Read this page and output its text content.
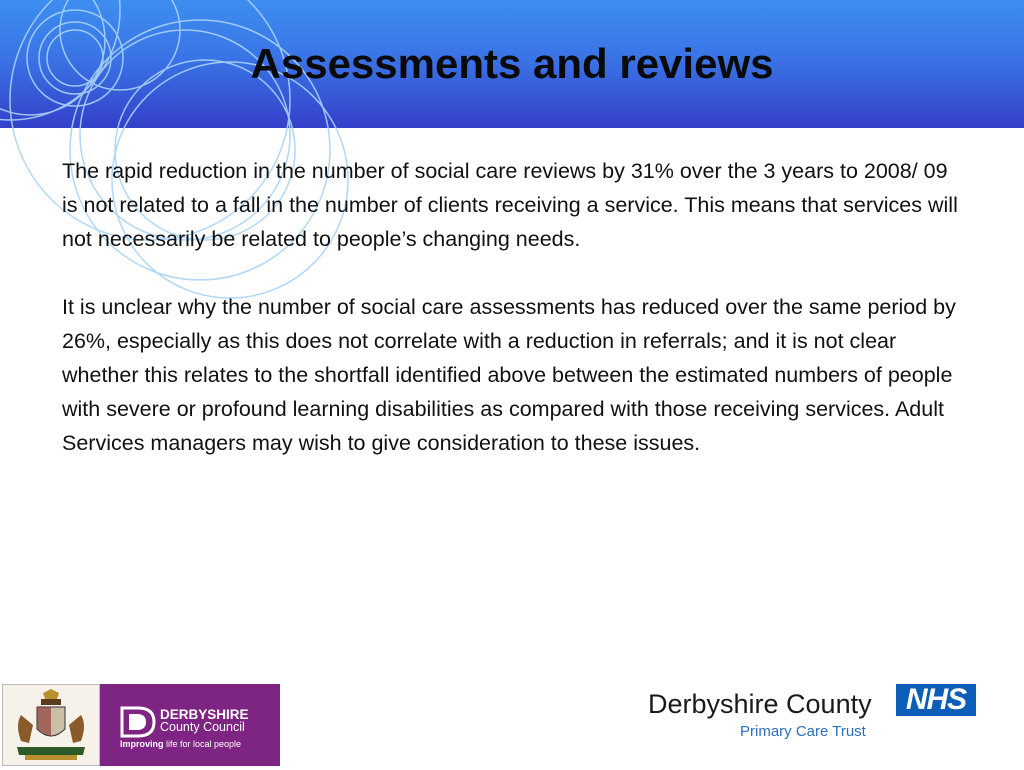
Assessments and reviews

The rapid reduction in the number of social care reviews by 31% over the 3 years to 2008/ 09 is not related to a fall in the number of clients receiving a service. This means that services will not necessarily be related to people’s changing needs.

It is unclear why the number of social care assessments has reduced over the same period by 26%, especially as this does not correlate with a reduction in referrals; and it is not clear whether this relates to the shortfall identified above between the estimated numbers of people with severe or profound learning disabilities as compared with those receiving services. Adult Services managers may wish to give consideration to these issues.

DERBYSHIRE
County Council
Improving life for local people
Derbyshire County	NHS
Primary Care Trust
